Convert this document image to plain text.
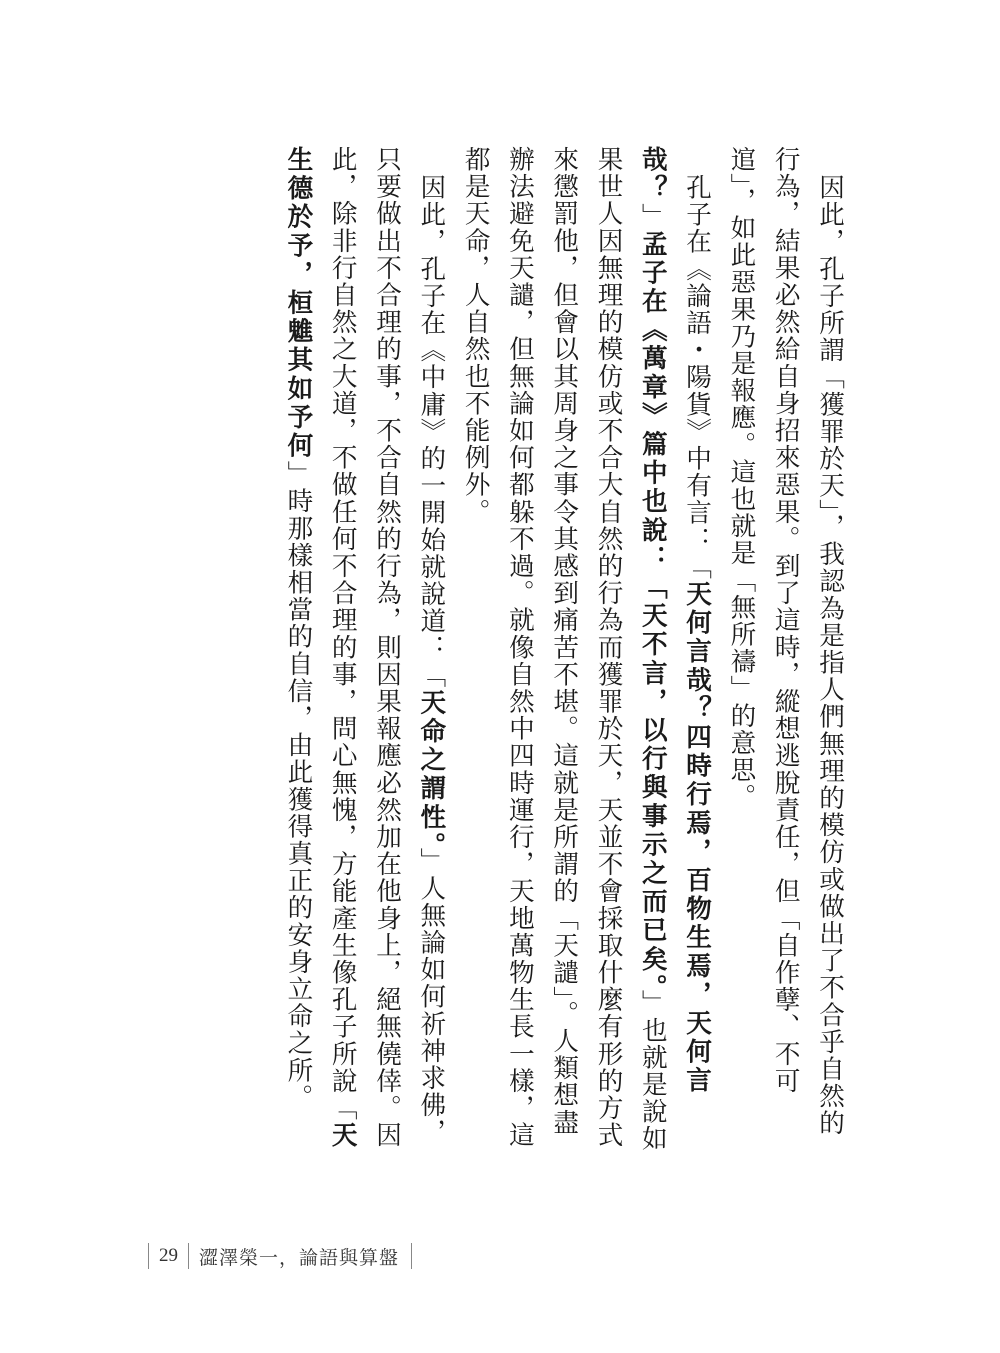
因此，孔子所謂「獲罪於天」，我認為是指人們無理的模仿或做出了不合乎自然的行為，結果必然給自身招來惡果。到了這時，縱想逃脫責任，但「自作孽、不可逭」，如此惡果乃是報應。這也就是「無所禱」的意思。

孔子在《論語・陽貨》中有言：「天何言哉？四時行焉，百物生焉，天何言哉？」孟子在《萬章》篇中也說：「天不言，以行與事示之而已矣。」也就是說如果世人因無理的模仿或不合大自然的行為而獲罪於天，天並不會採取什麼有形的方式來懲罰他，但會以其周身之事令其感到痛苦不堪。這就是所謂的「天譴」。人類想盡辦法避免天譴，但無論如何都躲不過。就像自然中四時運行，天地萬物生長一樣，這都是天命，人自然也不能例外。

因此，孔子在《中庸》的一開始就說道：「天命之謂性。」人無論如何祈神求佛，只要做出不合理的事，不合自然的行為，則因果報應必然加在他身上，絕無僥倖。因此，除非行自然之大道，不做任何不合理的事，問心無愧，方能產生像孔子所說「天生德於予，桓魋其如予何」時那樣相當的自信，由此獲得真正的安身立命之所。

29	澀澤榮一，論語與算盤
